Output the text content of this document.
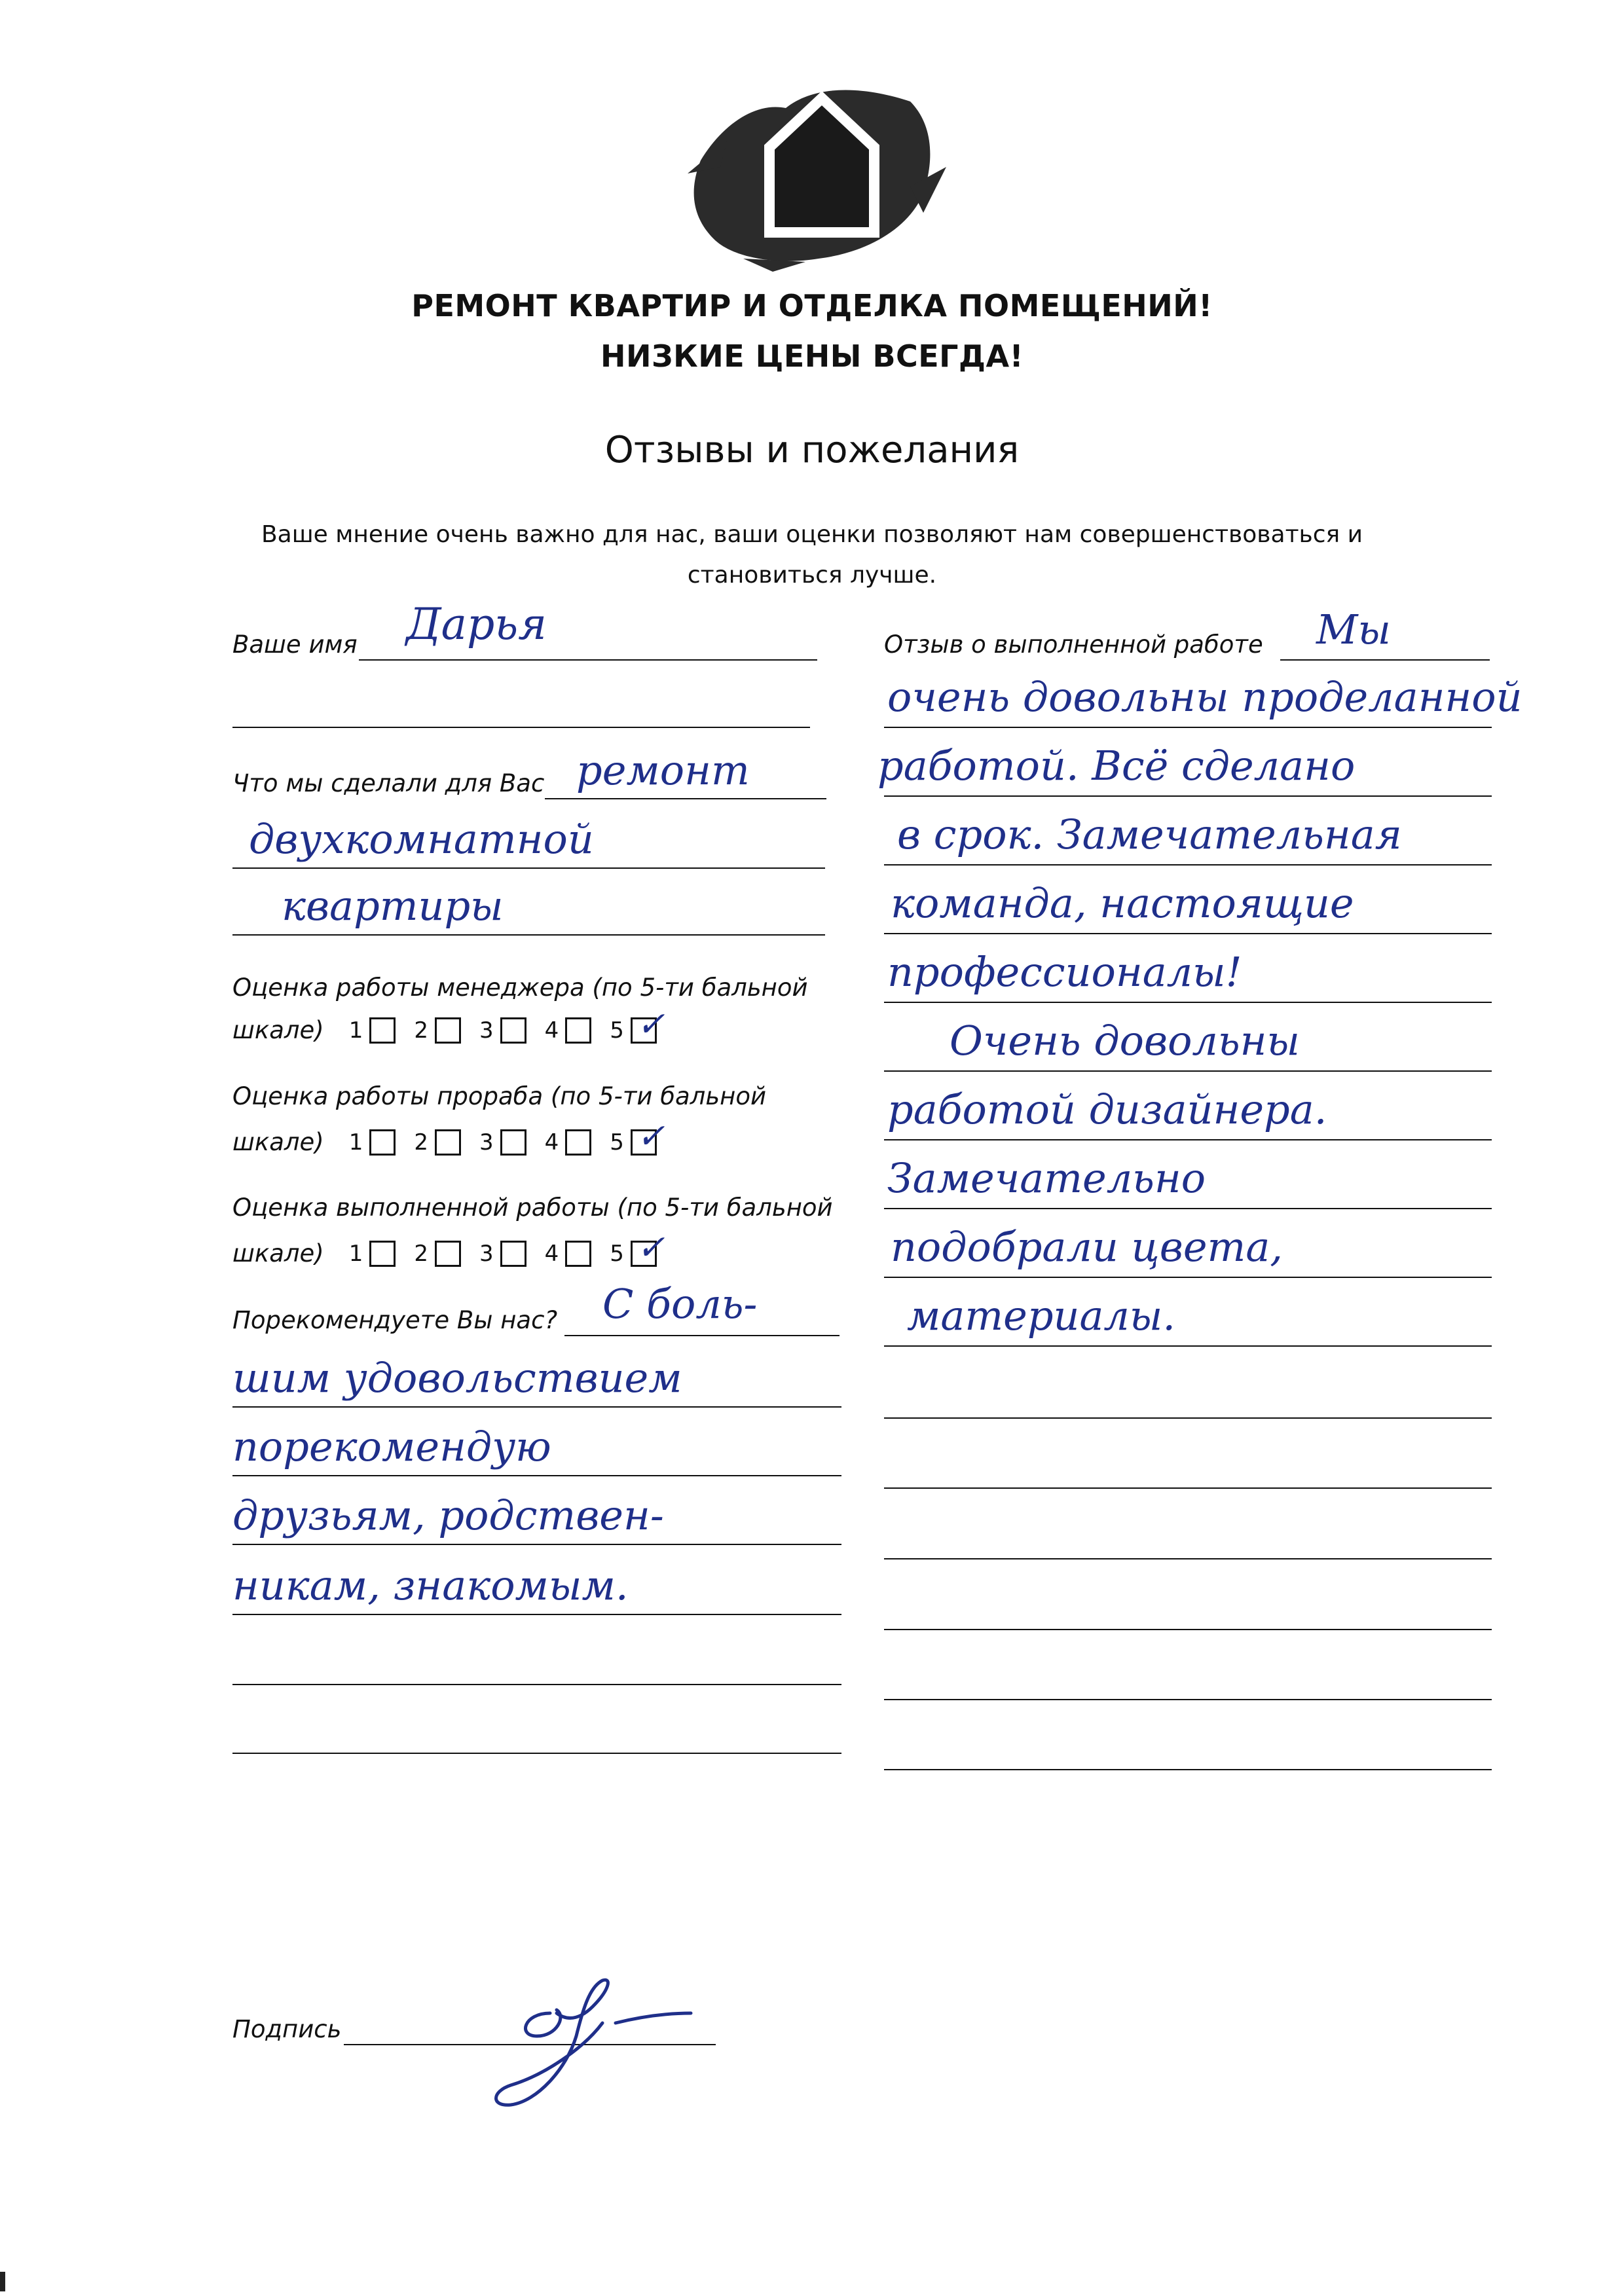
РЕМОНТ КВАРТИР И ОТДЕЛКА ПОМЕЩЕНИЙ!
НИЗКИЕ ЦЕНЫ ВСЕГДА!
Отзывы и пожелания
Ваше мнение очень важно для нас, ваши оценки позволяют нам совершенствоваться и
становиться лучше.
Ваше имя Дарья
Что мы сделали для Вас ремонт
двухкомнатной
квартиры
Оценка работы менеджера (по 5-ти бальной
шкале) 1 2 3 4 5 ✓
Оценка работы прораба (по 5-ти бальной
шкале) 1 2 3 4 5 ✓
Оценка выполненной работы (по 5-ти бальной
шкале) 1 2 3 4 5 ✓
Порекомендуете Вы нас? С боль-
шим удовольствием
порекомендую
друзьям, родствен-
никам, знакомым.
Отзыв о выполненной работе Мы
очень довольны проделанной
работой. Всё сделано
в срок. Замечательная
команда, настоящие
профессионалы!
Очень довольны
работой дизайнера.
Замечательно
подобрали цвета,
материалы.
Подпись
